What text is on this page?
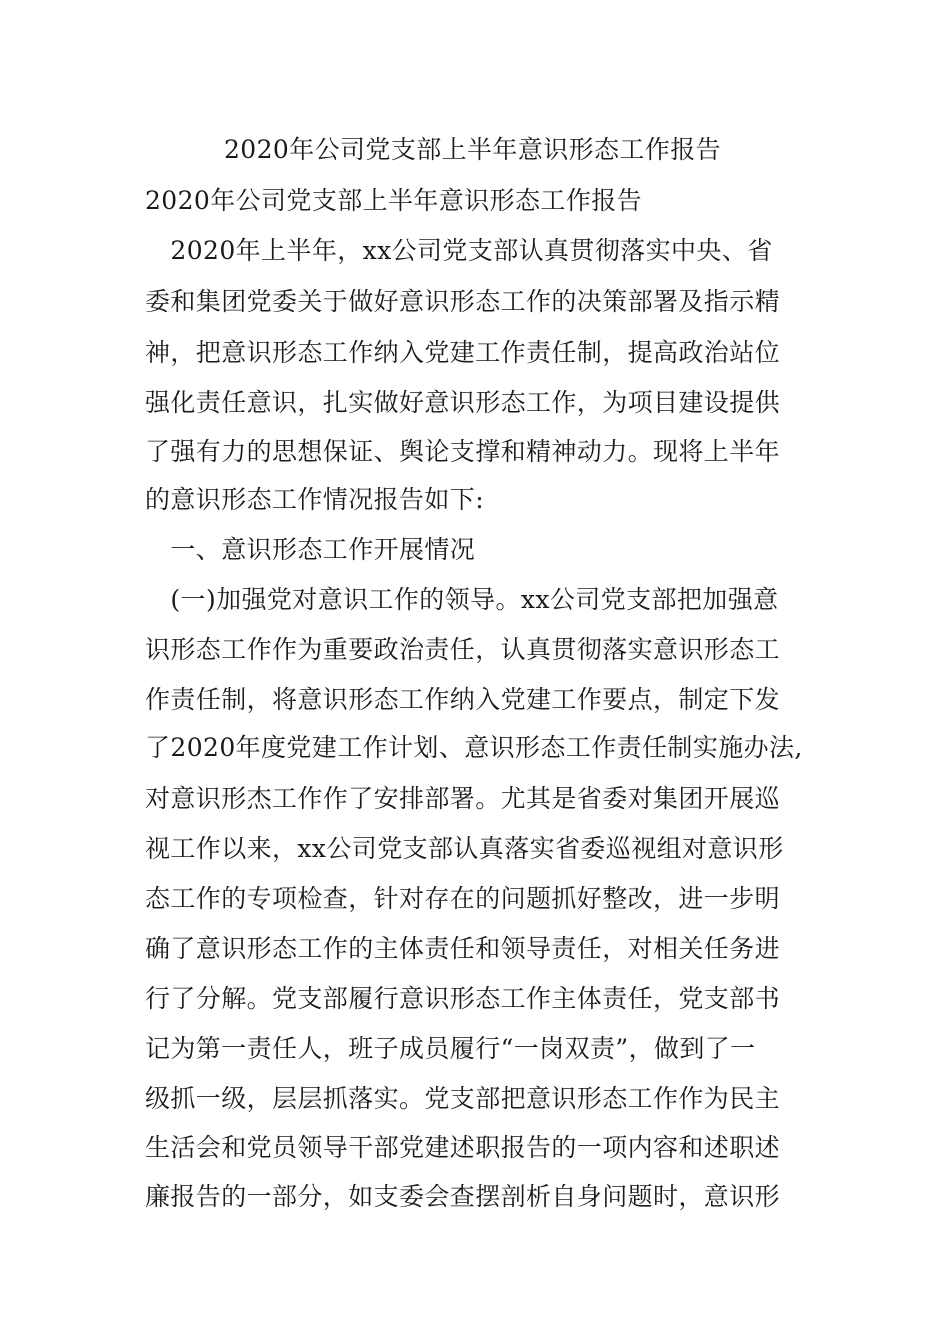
2020年公司党支部上半年意识形态工作报告
2020年公司党支部上半年意识形态工作报告
　2020年上半年，xx公司党支部认真贯彻落实中央、省
委和集团党委关于做好意识形态工作的决策部署及指示精
神，把意识形态工作纳入党建工作责任制，提高政治站位
强化责任意识，扎实做好意识形态工作，为项目建设提供
了强有力的思想保证、舆论支撑和精神动力。现将上半年
的意识形态工作情况报告如下:
　一、意识形态工作开展情况
　(一)加强党对意识工作的领导。xx公司党支部把加强意
识形态工作作为重要政治责任，认真贯彻落实意识形态工
作责任制，将意识形态工作纳入党建工作要点，制定下发
了2020年度党建工作计划、意识形态工作责任制实施办法,
对意识形杰工作作了安排部署。尤其是省委对集团开展巡
视工作以来，xx公司党支部认真落实省委巡视组对意识形
态工作的专项检查，针对存在的问题抓好整改，进一步明
确了意识形态工作的主体责任和领导责任，对相关任务进
行了分解。党支部履行意识形态工作主体责任，党支部书
记为第一责任人，班子成员履行“一岗双责”，做到了一
级抓一级，层层抓落实。党支部把意识形态工作作为民主
生活会和党员领导干部党建述职报告的一项内容和述职述
廉报告的一部分，如支委会查摆剖析自身问题时，意识形
